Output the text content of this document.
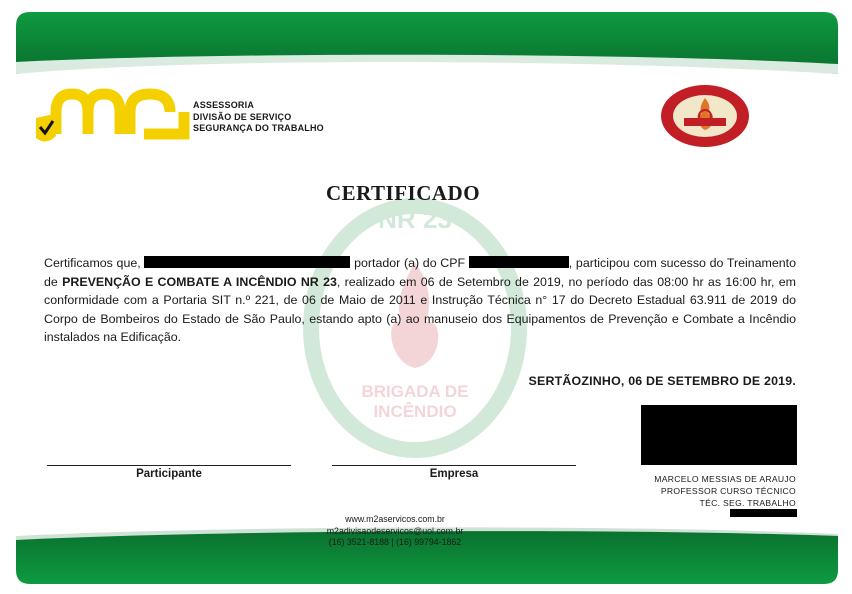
ASSESSORIA
DIVISÃO DE SERVIÇO
SEGURANÇA DO TRABALHO
NR 23
BRIGADA DE
INCÊNDIO
CERTIFICADO
Certificamos que,	portador (a) do CPF	, participou com sucesso do Treinamento de PREVENÇÃO E COMBATE A INCÊNDIO NR 23, realizado em 06 de Setembro de 2019, no período das 08:00 hr as 16:00 hr, em conformidade com a Portaria SIT n.º 221, de 06 de Maio de 2011 e Instrução Técnica n° 17 do Decreto Estadual 63.911 de 2019 do Corpo de Bombeiros do Estado de São Paulo, estando apto (a) ao manuseio dos Equipamentos de Prevenção e Combate a Incêndio instalados na Edificação.
SERTÃOZINHO, 06 DE SETEMBRO DE 2019.
Participante	Empresa	MARCELO MESSIAS DE ARAUJO
PROFESSOR CURSO TÉCNICO
TÉC. SEG. TRABALHO
www.m2aservicos.com.br
m2adivisaodeservicos@uol.com.br
(16) 3521-8188 | (16) 99794-1862
